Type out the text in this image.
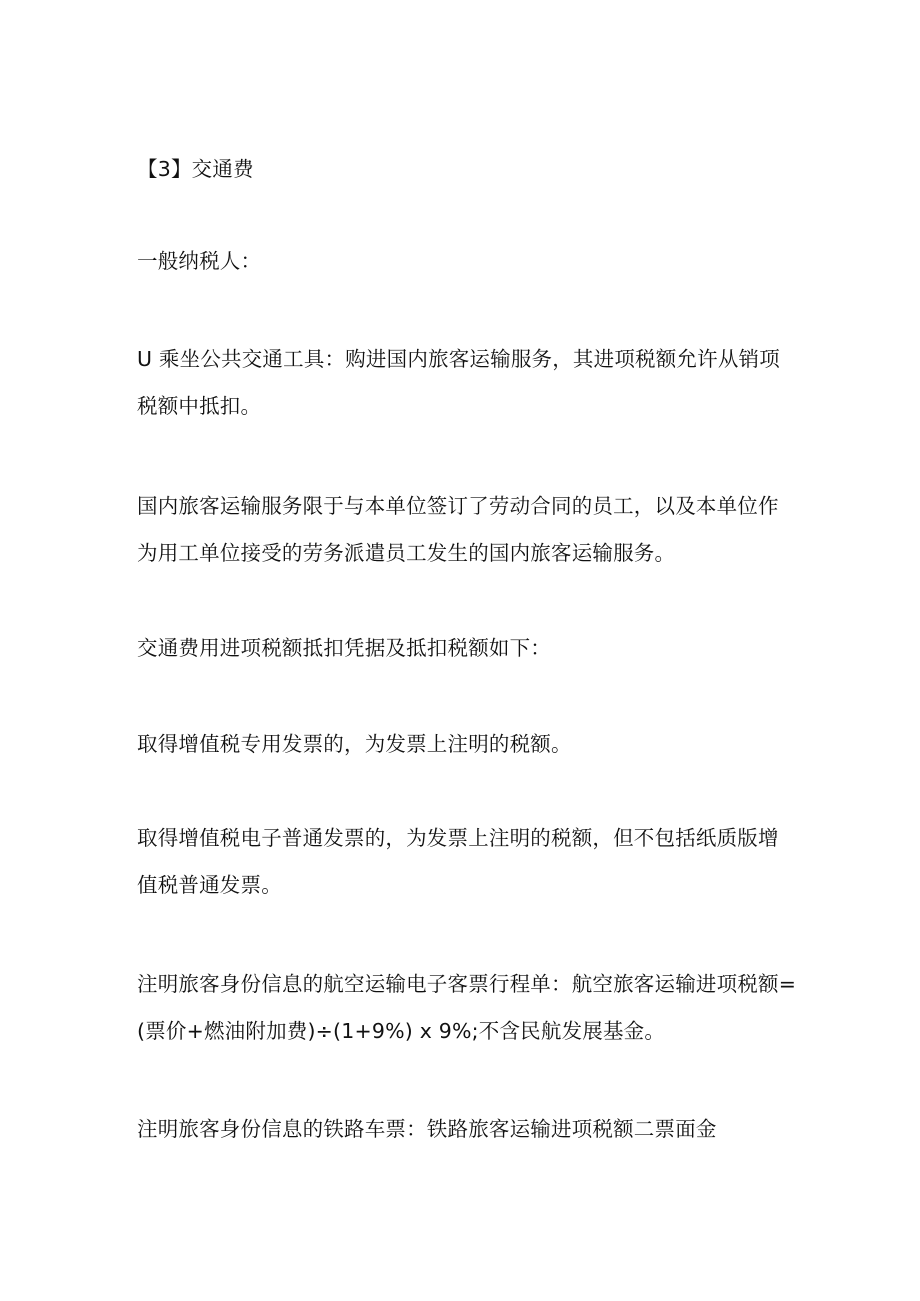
【3】交通费

一般纳税人：

U 乘坐公共交通工具：购进国内旅客运输服务，其进项税额允许从销项税额中抵扣。

国内旅客运输服务限于与本单位签订了劳动合同的员工，以及本单位作为用工单位接受的劳务派遣员工发生的国内旅客运输服务。

交通费用进项税额抵扣凭据及抵扣税额如下：

取得增值税专用发票的，为发票上注明的税额。

取得增值税电子普通发票的，为发票上注明的税额，但不包括纸质版增值税普通发票。

注明旅客身份信息的航空运输电子客票行程单：航空旅客运输进项税额=(票价+燃油附加费)÷(1+9%) x 9%;不含民航发展基金。

注明旅客身份信息的铁路车票：铁路旅客运输进项税额二票面金
